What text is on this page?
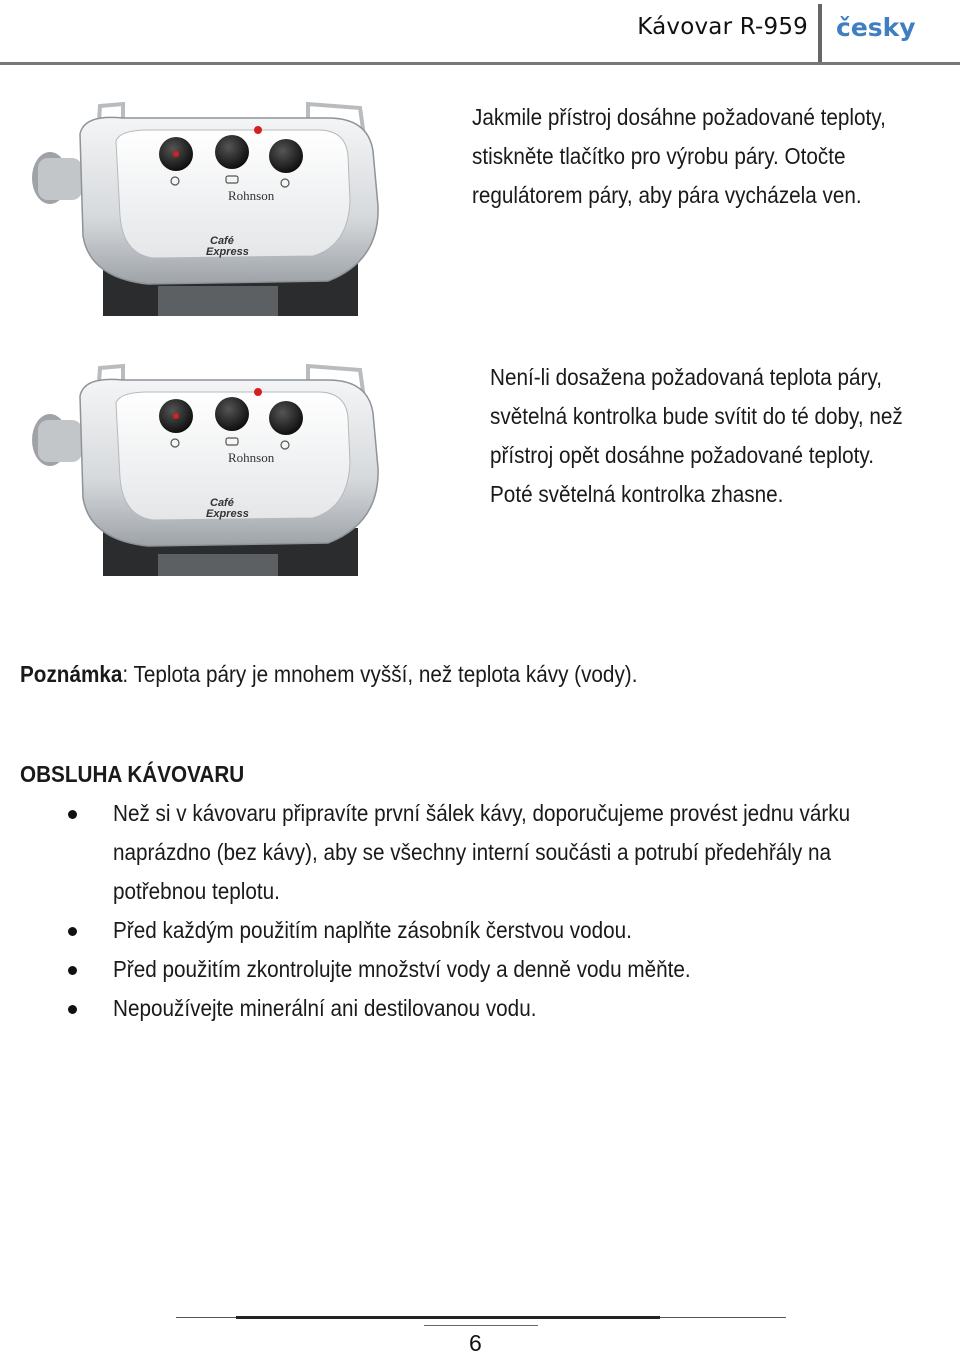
Kávovar R-959 česky
Rohnson
Café
Express

Jakmile přístroj dosáhne požadované teploty, stiskněte tlačítko pro výrobu páry. Otočte regulátorem páry, aby pára vycházela ven.

Rohnson
Café
Express

Není-li dosažena požadovaná teplota páry, světelná kontrolka bude svítit do té doby, než přístroj opět dosáhne požadované teploty. Poté světelná kontrolka zhasne.

Poznámka: Teplota páry je mnohem vyšší, než teplota kávy (vody).
OBSLUHA KÁVOVARU
Než si v kávovaru připravíte první šálek kávy, doporučujeme provést jednu várku naprázdno (bez kávy), aby se všechny interní součásti a potrubí předehřály na potřebnou teplotu.
Před každým použitím naplňte zásobník čerstvou vodou.
Před použitím zkontrolujte množství vody a denně vodu měňte.
Nepoužívejte minerální ani destilovanou vodu.
6
